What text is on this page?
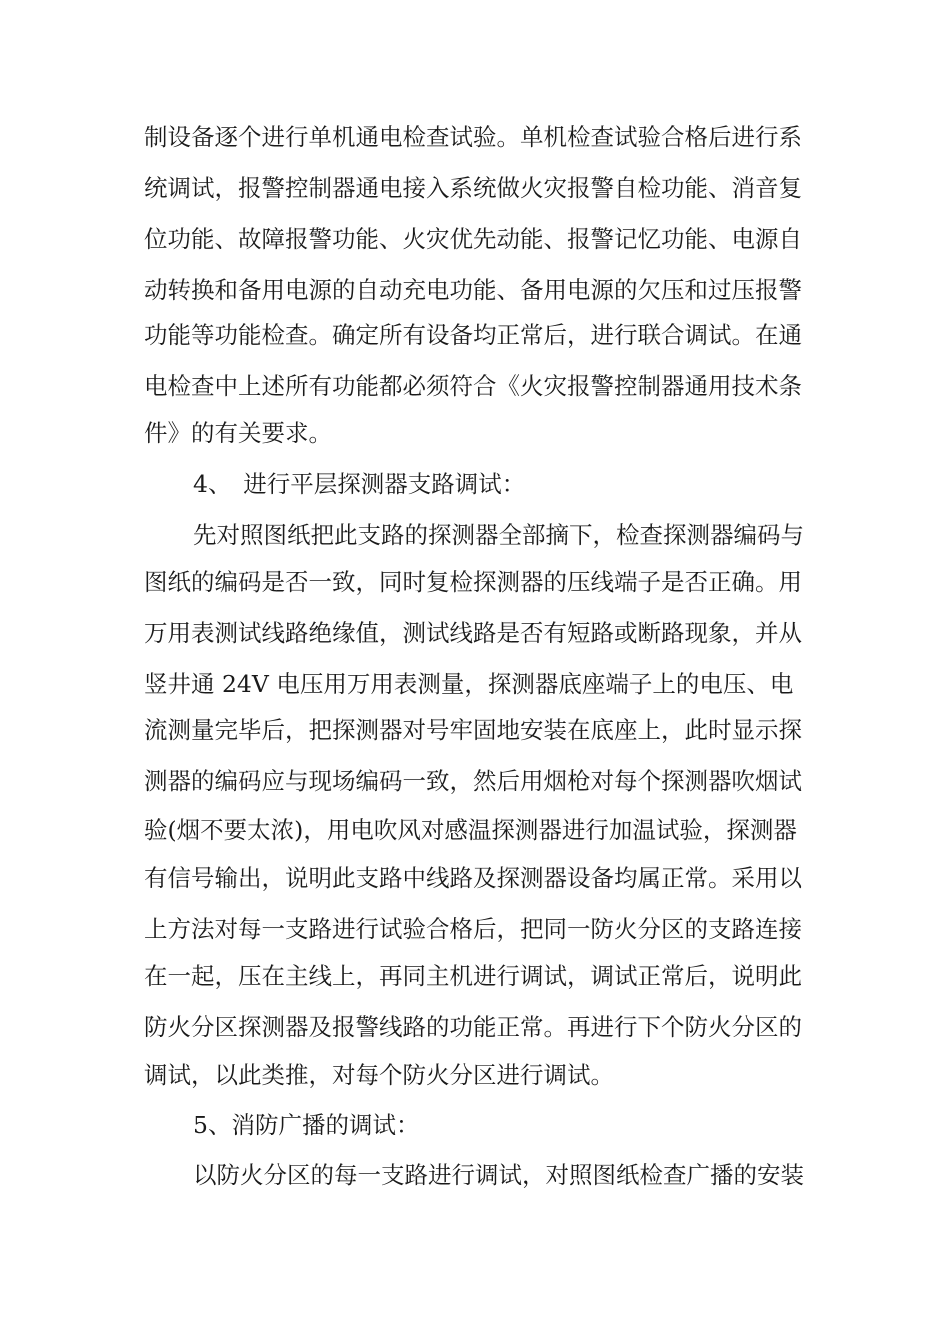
制设备逐个进行单机通电检查试验。单机检查试验合格后进行系
统调试，报警控制器通电接入系统做火灾报警自检功能、消音复
位功能、故障报警功能、火灾优先动能、报警记忆功能、电源自
动转换和备用电源的自动充电功能、备用电源的欠压和过压报警
功能等功能检查。确定所有设备均正常后，进行联合调试。在通
电检查中上述所有功能都必须符合《火灾报警控制器通用技术条
件》的有关要求。
4、　进行平层探测器支路调试：
先对照图纸把此支路的探测器全部摘下，检查探测器编码与
图纸的编码是否一致，同时复检探测器的压线端子是否正确。用
万用表测试线路绝缘值，测试线路是否有短路或断路现象，并从
竖井通 24V 电压用万用表测量，探测器底座端子上的电压、电
流测量完毕后，把探测器对号牢固地安装在底座上，此时显示探
测器的编码应与现场编码一致，然后用烟枪对每个探测器吹烟试
验(烟不要太浓)，用电吹风对感温探测器进行加温试验，探测器
有信号输出，说明此支路中线路及探测器设备均属正常。采用以
上方法对每一支路进行试验合格后，把同一防火分区的支路连接
在一起，压在主线上，再同主机进行调试，调试正常后，说明此
防火分区探测器及报警线路的功能正常。再进行下个防火分区的
调试，以此类推，对每个防火分区进行调试。
5、消防广播的调试：
以防火分区的每一支路进行调试，对照图纸检查广播的安装
